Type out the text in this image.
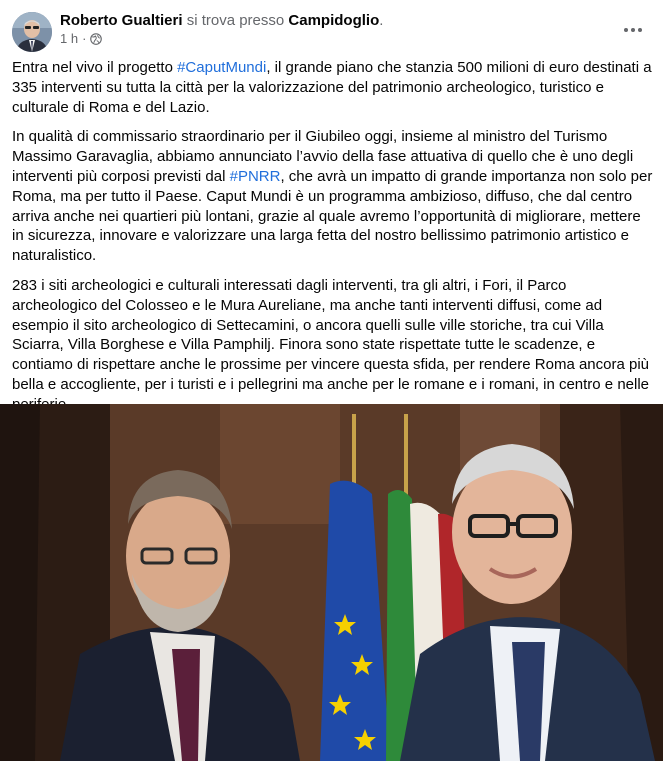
Roberto Gualtieri si trova presso Campidoglio.
1 h ·

Entra nel vivo il progetto #CaputMundi, il grande piano che stanzia 500 milioni di euro destinati a 335 interventi su tutta la città per la valorizzazione del patrimonio archeologico, turistico e culturale di Roma e del Lazio.

In qualità di commissario straordinario per il Giubileo oggi, insieme al ministro del Turismo Massimo Garavaglia, abbiamo annunciato l’avvio della fase attuativa di quello che è uno degli interventi più corposi previsti dal #PNRR, che avrà un impatto di grande importanza non solo per Roma, ma per tutto il Paese. Caput Mundi è un programma ambizioso, diffuso, che dal centro arriva anche nei quartieri più lontani, grazie al quale avremo l’opportunità di migliorare, mettere in sicurezza, innovare e valorizzare una larga fetta del nostro bellissimo patrimonio artistico e naturalistico.

283 i siti archeologici e culturali interessati dagli interventi, tra gli altri, i Fori, il Parco archeologico del Colosseo e le Mura Aureliane, ma anche tanti interventi diffusi, come ad esempio il sito archeologico di Settecamini, o ancora quelli sulle ville storiche, tra cui Villa Sciarra, Villa Borghese e Villa Pamphilj. Finora sono state rispettate tutte le scadenze, e contiamo di rispettare anche le prossime per vincere questa sfida, per rendere Roma ancora più bella e accogliente, per i turisti e i pellegrini ma anche per le romane e i romani, in centro e nelle
